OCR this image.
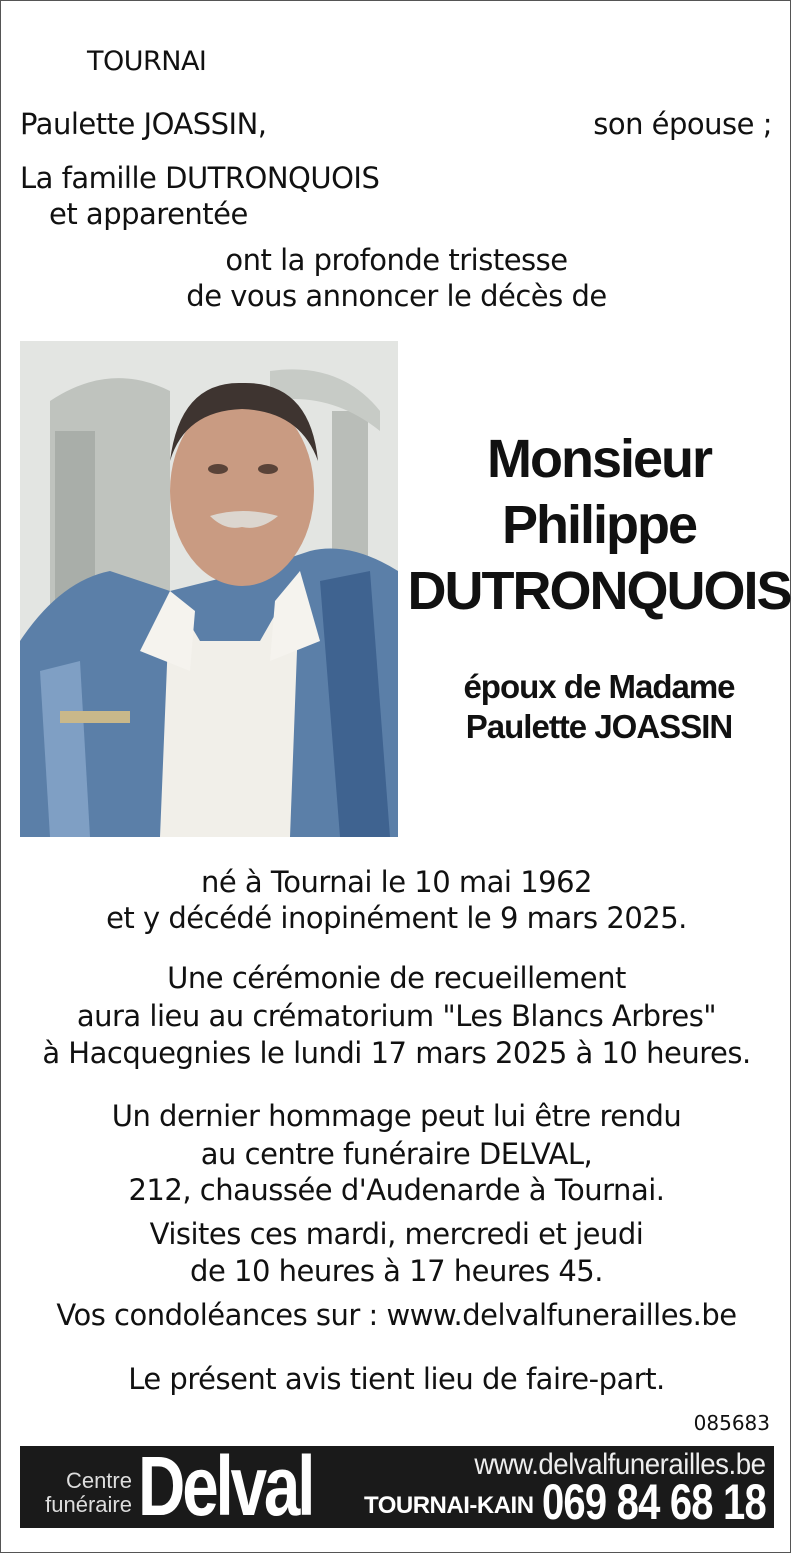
TOURNAI
Paulette JOASSIN,	son épouse ;
La famille DUTRONQUOIS
et apparentée
ont la profonde tristesse
de vous annoncer le décès de
Monsieur
Philippe
DUTRONQUOIS
époux de Madame
Paulette JOASSIN
né à Tournai le 10 mai 1962
et y décédé inopinément le 9 mars 2025.
Une cérémonie de recueillement
aura lieu au crématorium "Les Blancs Arbres"
à Hacquegnies le lundi 17 mars 2025 à 10 heures.
Un dernier hommage peut lui être rendu
au centre funéraire DELVAL,
212, chaussée d'Audenarde à Tournai.
Visites ces mardi, mercredi et jeudi
de 10 heures à 17 heures 45.
Vos condoléances sur : www.delvalfunerailles.be
Le présent avis tient lieu de faire-part.
085683
Centre
funéraire Delval	www.delvalfunerailles.be
TOURNAI-KAIN 069 84 68 18
